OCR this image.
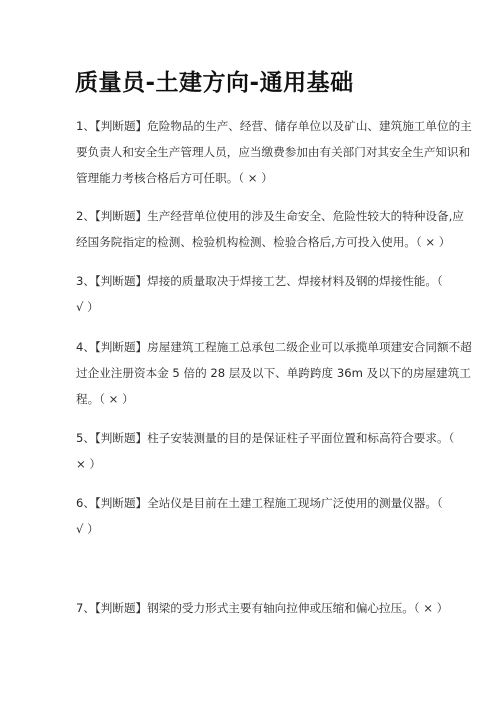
质量员-土建方向-通用基础

1、【判断题】危险物品的生产、经营、储存单位以及矿山、建筑施工单位的主

要负责人和安全生产管理人员，应当缴费参加由有关部门对其安全生产知识和

管理能力考核合格后方可任职。（ × ）

2、【判断题】生产经营单位使用的涉及生命安全、危险性较大的特种设备,应

经国务院指定的检测、检验机构检测、检验合格后,方可投入使用。（ × ）

3、【判断题】焊接的质量取决于焊接工艺、焊接材料及钢的焊接性能。（

√ ）

4、【判断题】房屋建筑工程施工总承包二级企业可以承揽单项建安合同额不超

过企业注册资本金 5 倍的 28 层及以下、单跨跨度 36m 及以下的房屋建筑工

程。（ × ）

5、【判断题】柱子安装测量的目的是保证柱子平面位置和标高符合要求。（

× ）

6、【判断题】全站仪是目前在土建工程施工现场广泛使用的测量仪器。（

√ ）

7、【判断题】钢梁的受力形式主要有轴向拉伸或压缩和偏心拉压。（ × ）
